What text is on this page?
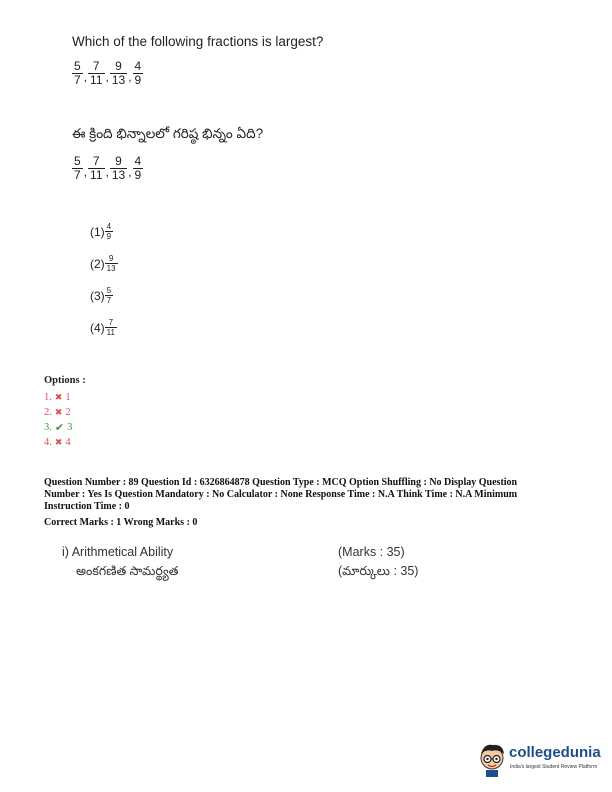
Which of the following fractions is largest?
$\frac{5}{7}$ , $\frac{7}{11}$ , $\frac{9}{13}$ , $\frac{4}{9}$
ఈ క్రింది భిన్నాలలో గరిష్ఠ భిన్నం ఏది?
$\frac{5}{7}$ , $\frac{7}{11}$ , $\frac{9}{13}$ , $\frac{4}{9}$
$(1) \frac{4}{9}$
$(2) \frac{9}{13}$
$(3) \frac{5}{7}$
$(4) \frac{7}{11}$
Options :
1. ✖ 1
2. ✖ 2
3. ✔ 3
4. ✖ 4
Question Number : 89 Question Id : 6326864878 Question Type : MCQ Option Shuffling : No Display Question
Number : Yes Is Question Mandatory : No Calculator : None Response Time : N.A Think Time : N.A Minimum
Instruction Time : 0
Correct Marks : 1 Wrong Marks : 0
i) Arithmetical Ability
అంకగణిత సామర్థ్యత
(Marks : 35)
(మార్కులు : 35)
collegedunia
India's largest Student Review Platform
